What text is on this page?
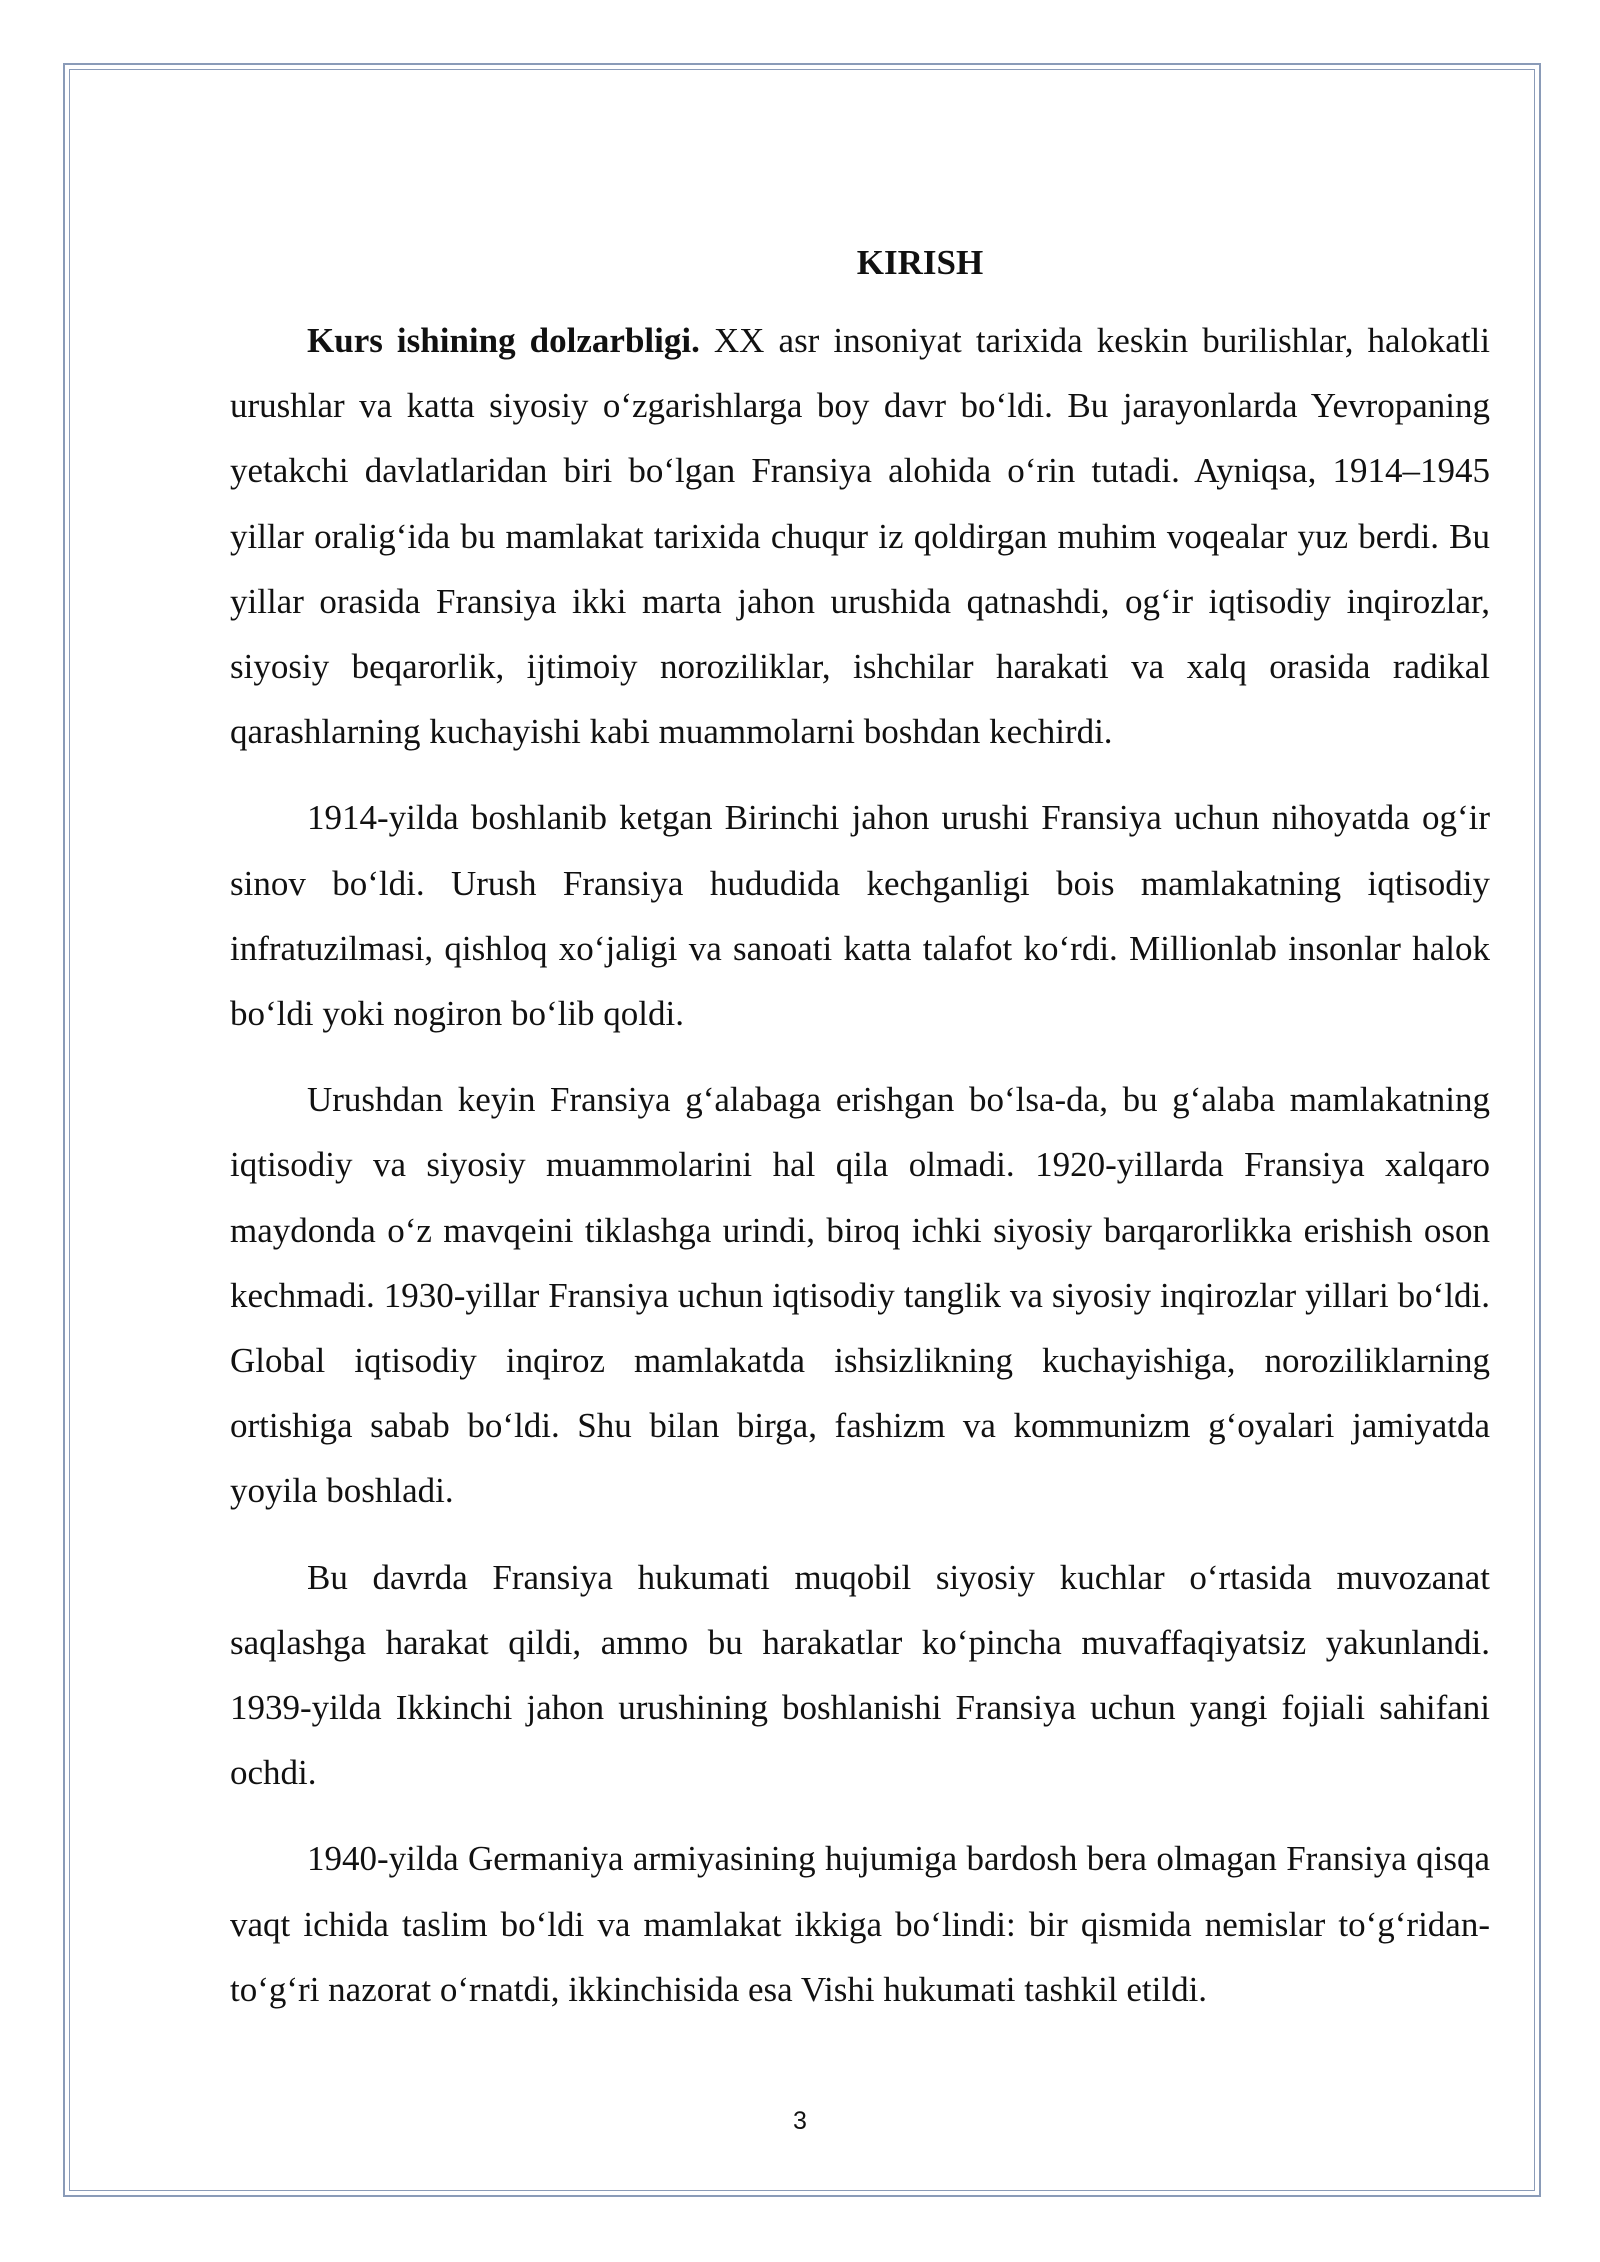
KIRISH

Kurs ishining dolzarbligi. XX asr insoniyat tarixida keskin burilishlar, halokatli urushlar va katta siyosiy oʻzgarishlarga boy davr boʻldi. Bu jarayonlarda Yevropaning yetakchi davlatlaridan biri boʻlgan Fransiya alohida oʻrin tutadi. Ayniqsa, 1914–1945 yillar oraligʻida bu mamlakat tarixida chuqur iz qoldirgan muhim voqealar yuz berdi. Bu yillar orasida Fransiya ikki marta jahon urushida qatnashdi, ogʻir iqtisodiy inqirozlar, siyosiy beqarorlik, ijtimoiy noroziliklar, ishchilar harakati va xalq orasida radikal qarashlarning kuchayishi kabi muammolarni boshdan kechirdi.

1914-yilda boshlanib ketgan Birinchi jahon urushi Fransiya uchun nihoyatda ogʻir sinov boʻldi. Urush Fransiya hududida kechganligi bois mamlakatning iqtisodiy infratuzilmasi, qishloq xoʻjaligi va sanoati katta talafot koʻrdi. Millionlab insonlar halok boʻldi yoki nogiron boʻlib qoldi.

Urushdan keyin Fransiya gʻalabaga erishgan boʻlsa-da, bu gʻalaba mamlakatning iqtisodiy va siyosiy muammolarini hal qila olmadi. 1920-yillarda Fransiya xalqaro maydonda oʻz mavqeini tiklashga urindi, biroq ichki siyosiy barqarorlikka erishish oson kechmadi. 1930-yillar Fransiya uchun iqtisodiy tanglik va siyosiy inqirozlar yillari boʻldi. Global iqtisodiy inqiroz mamlakatda ishsizlikning kuchayishiga, noroziliklarning ortishiga sabab boʻldi. Shu bilan birga, fashizm va kommunizm gʻoyalari jamiyatda yoyila boshladi.

Bu davrda Fransiya hukumati muqobil siyosiy kuchlar oʻrtasida muvozanat saqlashga harakat qildi, ammo bu harakatlar koʻpincha muvaffaqiyatsiz yakunlandi. 1939-yilda Ikkinchi jahon urushining boshlanishi Fransiya uchun yangi fojiali sahifani ochdi.

1940-yilda Germaniya armiyasining hujumiga bardosh bera olmagan Fransiya qisqa vaqt ichida taslim boʻldi va mamlakat ikkiga boʻlindi: bir qismida nemislar toʻgʻridan-toʻgʻri nazorat oʻrnatdi, ikkinchisida esa Vishi hukumati tashkil etildi.

3
